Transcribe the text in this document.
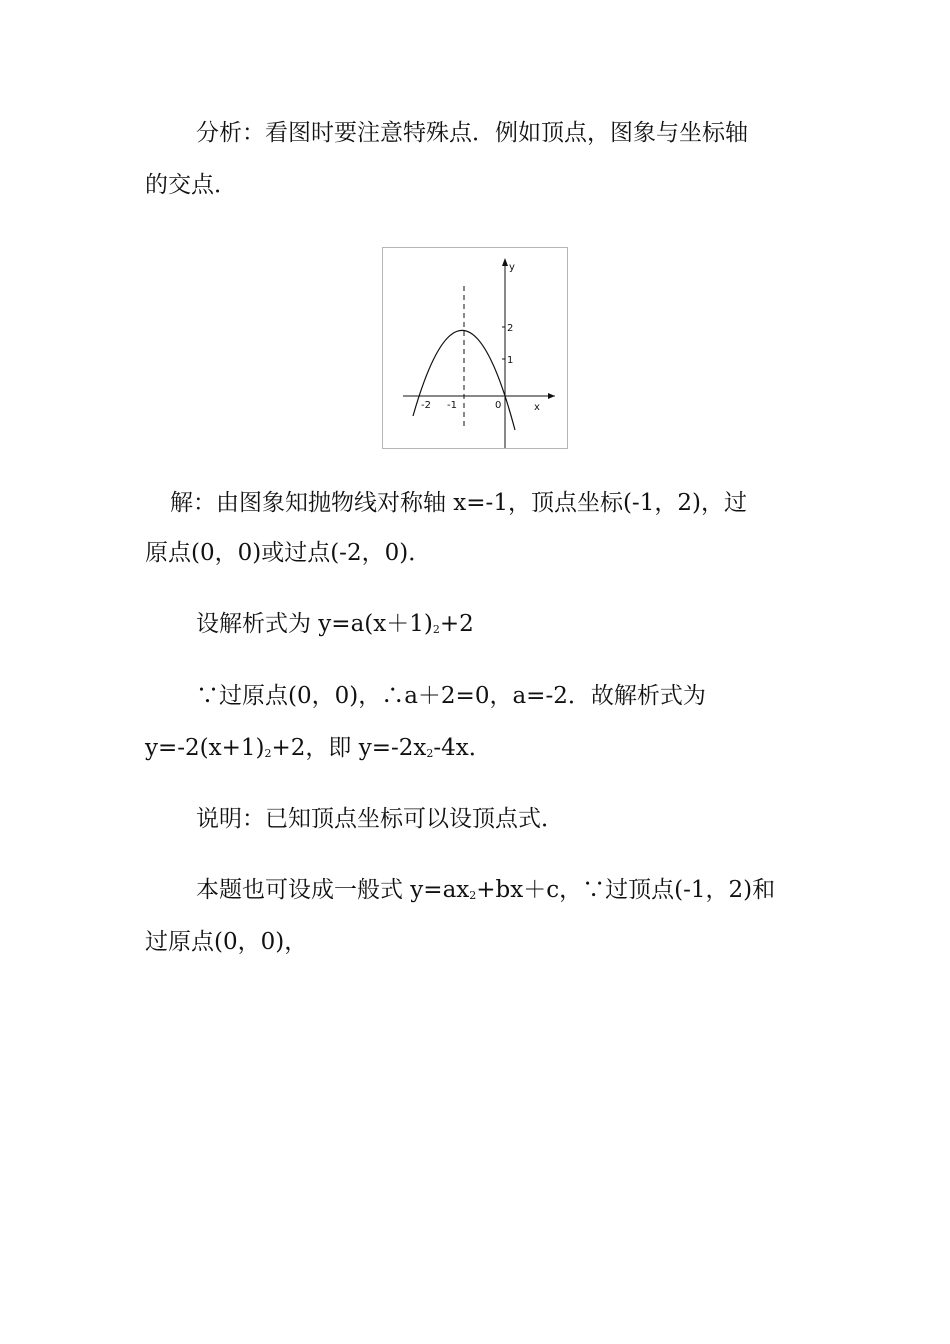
分析：看图时要注意特殊点．例如顶点，图象与坐标轴
的交点．
y
x
2
1
-2 -1	0
解：由图象知抛物线对称轴 x=-1，顶点坐标(-1，2)，过
原点(0，0)或过点(-2，0)．
设解析式为 y=a(x＋1)2+2
∵过原点(0，0)，∴a＋2=0，a=-2．故解析式为
y=-2(x+1)2+2，即 y=-2x2-4x．
说明：已知顶点坐标可以设顶点式．
本题也可设成一般式 y=ax2+bx＋c，∵过顶点(-1，2)和
过原点(0，0)，
